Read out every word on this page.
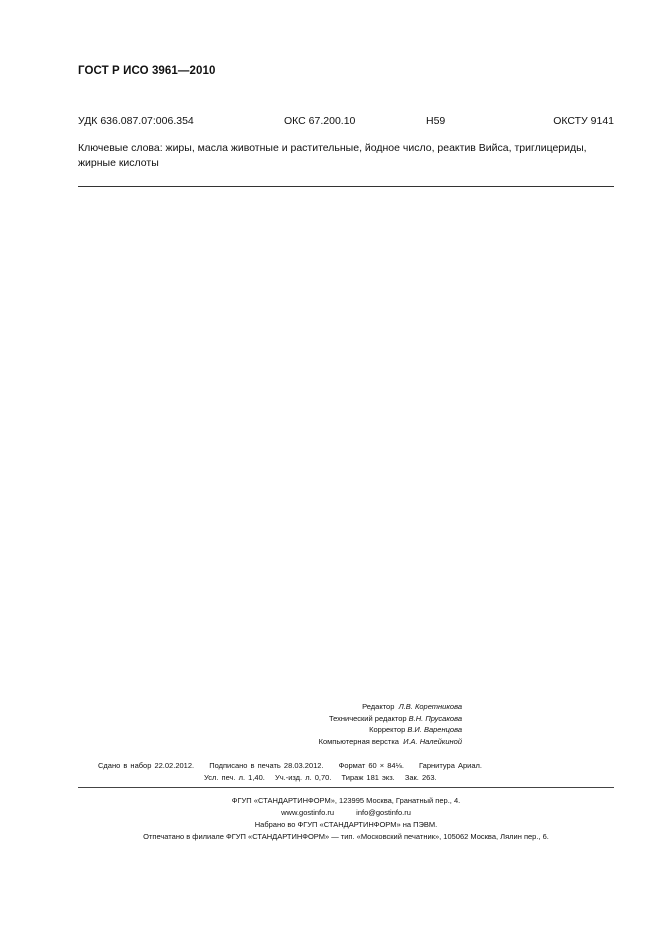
ГОСТ Р ИСО 3961—2010
УДК 636.087.07:006.354	ОКС 67.200.10	Н59	ОКСТУ 9141
Ключевые слова: жиры, масла животные и растительные, йодное число, реактив Вийса, триглицериды, жирные кислоты
Редактор Л.В. Коретникова
Технический редактор В.Н. Прусакова
Корректор В.И. Варенцова
Компьютерная верстка И.А. Налейкиной
Сдано в набор 22.02.2012. Подписано в печать 28.03.2012. Формат 60 × 84⅛. Гарнитура Ариал.
Усл. печ. л. 1,40. Уч.-изд. л. 0,70. Тираж 181 экз. Зак. 263.
ФГУП «СТАНДАРТИНФОРМ», 123995 Москва, Гранатный пер., 4.
www.gostinfo.ru	info@gostinfo.ru
Набрано во ФГУП «СТАНДАРТИНФОРМ» на ПЭВМ.
Отпечатано в филиале ФГУП «СТАНДАРТИНФОРМ» — тип. «Московский печатник», 105062 Москва, Лялин пер., 6.
